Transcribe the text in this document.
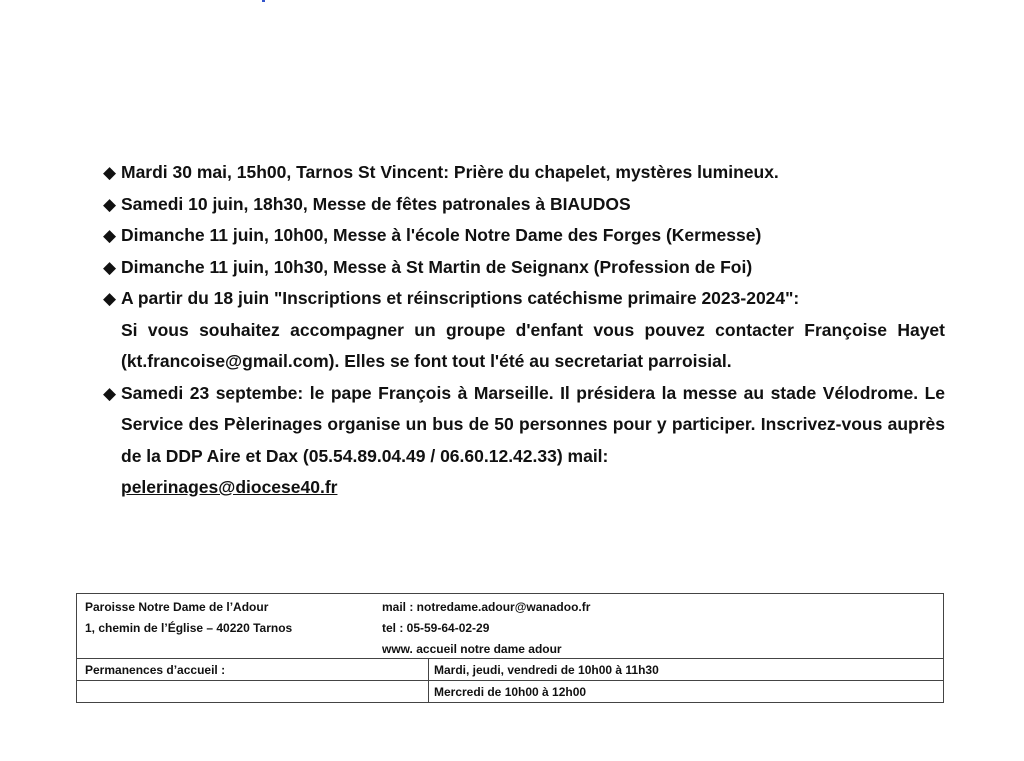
◆ Mardi 30 mai, 15h00, Tarnos St Vincent: Prière du chapelet, mystères lumineux.
◆ Samedi 10 juin, 18h30, Messe de fêtes patronales à BIAUDOS
◆ Dimanche 11 juin, 10h00, Messe à l'école Notre Dame des Forges (Kermesse)
◆ Dimanche 11 juin, 10h30, Messe à St Martin de Seignanx (Profession de Foi)
◆ A partir du 18 juin "Inscriptions et réinscriptions catéchisme primaire 2023-2024":
Si vous souhaitez accompagner un groupe d'enfant vous pouvez contacter Françoise Hayet (kt.francoise@gmail.com). Elles se font tout l'été au secretariat parroisial.
◆ Samedi 23 septembe: le pape François à Marseille. Il présidera la messe au stade Vélodrome. Le Service des Pèlerinages organise un bus de 50 personnes pour y participer. Inscrivez-vous auprès de la DDP Aire et Dax (05.54.89.04.49 / 06.60.12.42.33) mail:
pelerinages@diocese40.fr
Paroisse Notre Dame de l’Adour
1, chemin de l’Église – 40220 Tarnos
mail : notredame.adour@wanadoo.fr
tel : 05-59-64-02-29
www. accueil notre dame adour
Permanences d’accueil :	Mardi, jeudi, vendredi de 10h00 à 11h30
Mercredi de 10h00 à 12h00
